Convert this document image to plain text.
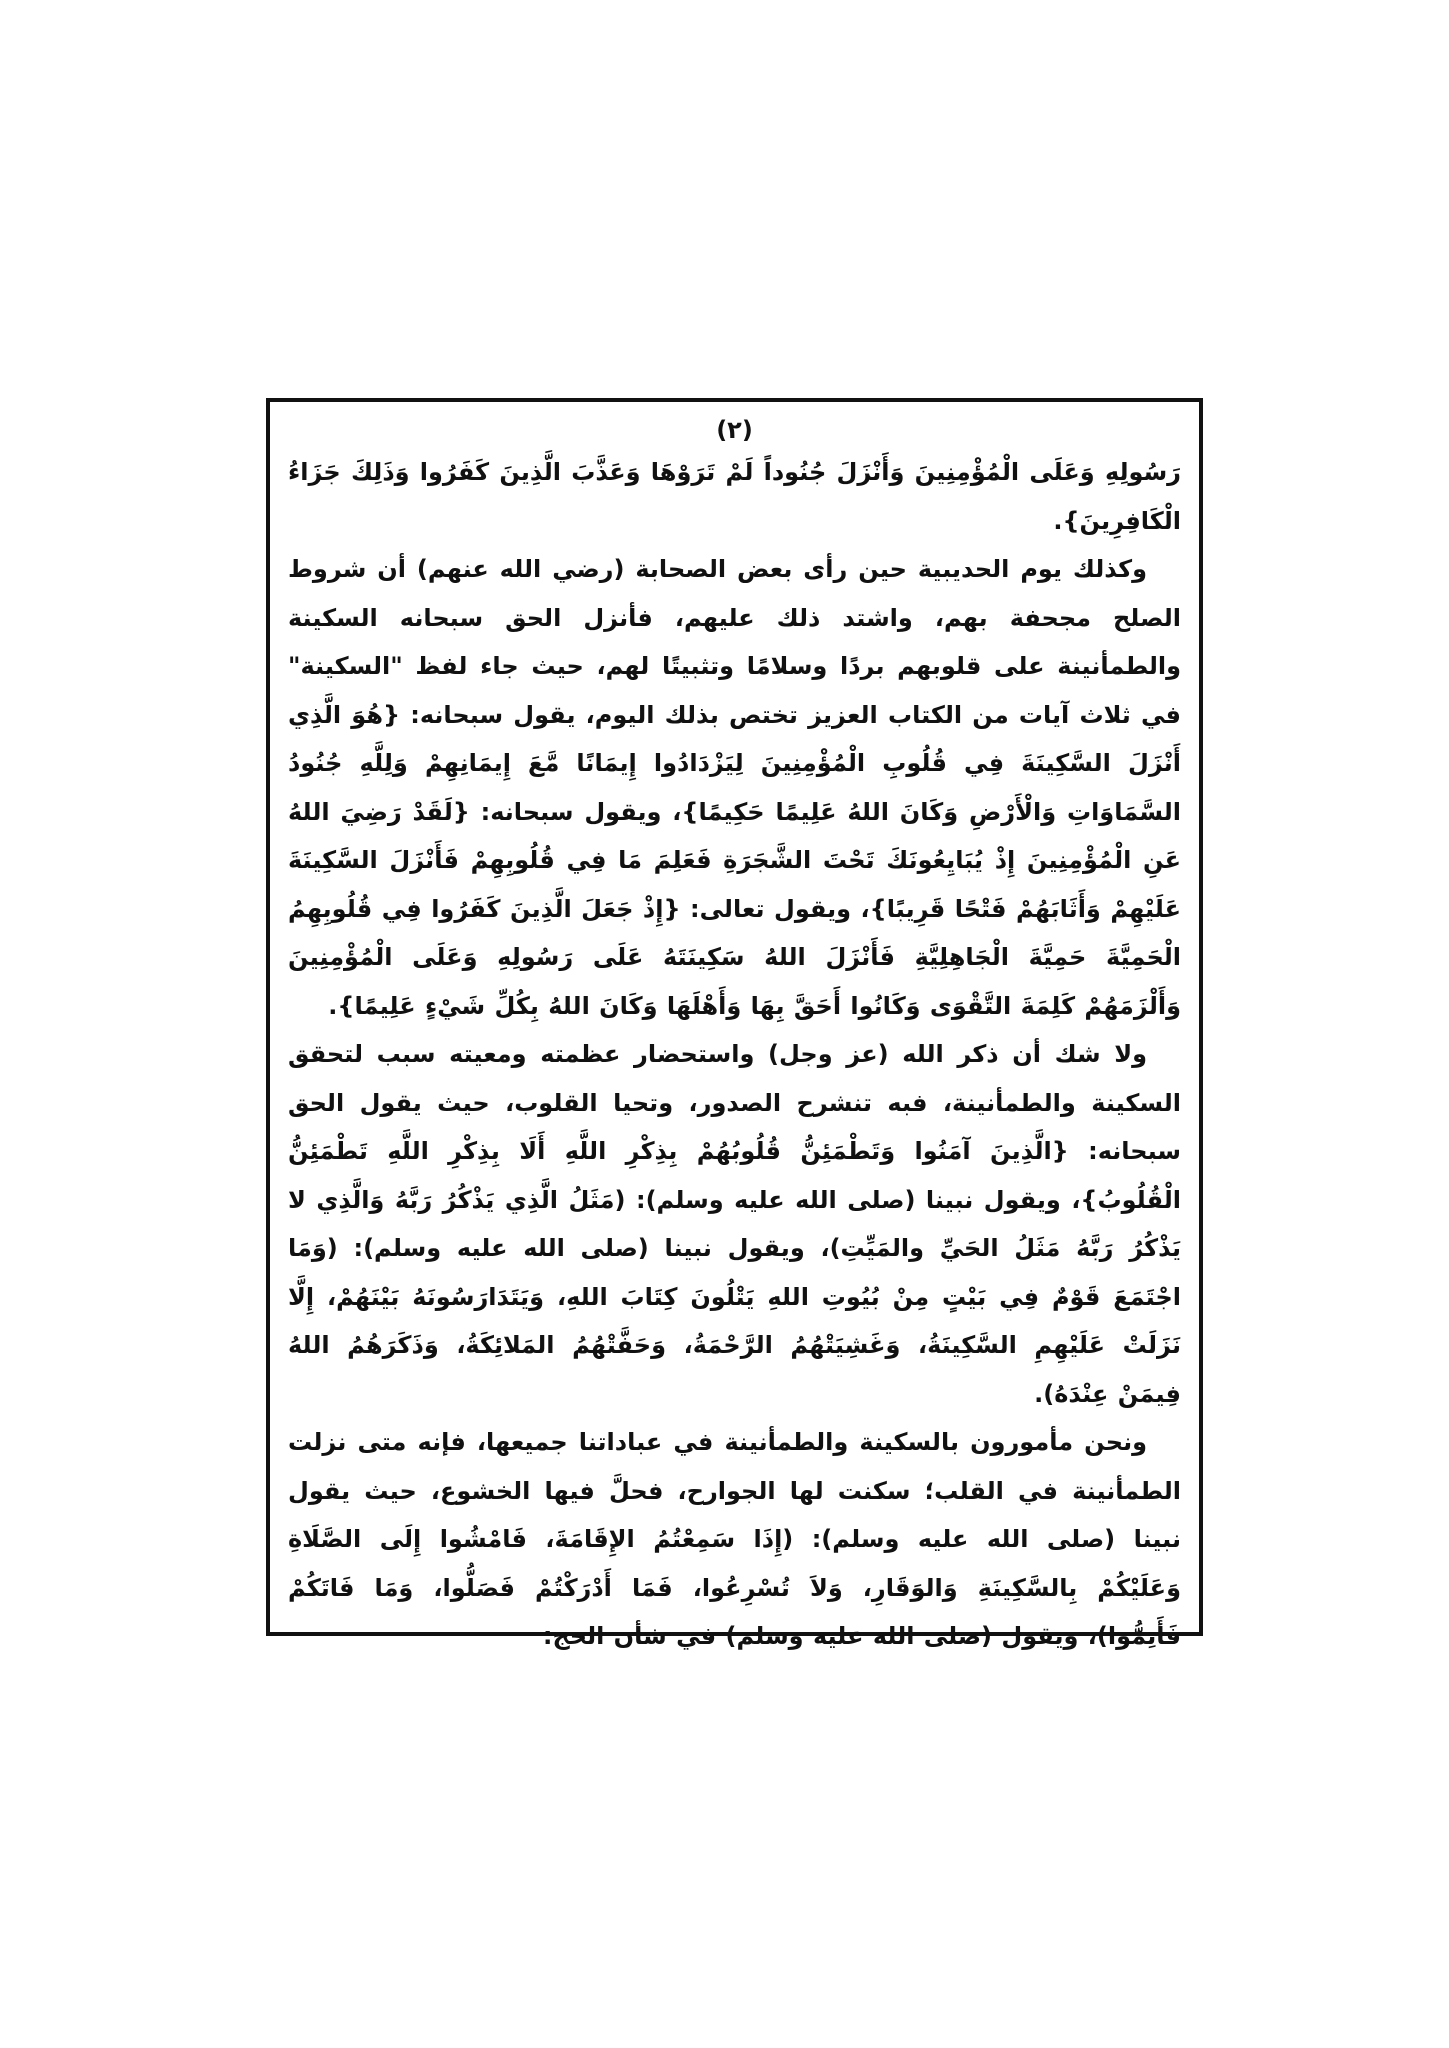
(٢)

رَسُولِهِ وَعَلَى الْمُؤْمِنِينَ وَأَنْزَلَ جُنُوداً لَمْ تَرَوْهَا وَعَذَّبَ الَّذِينَ كَفَرُوا وَذَلِكَ جَزَاءُ الْكَافِرِينَ}.

وكذلك يوم الحديبية حين رأى بعض الصحابة (رضي الله عنهم) أن شروط الصلح مجحفة بهم، واشتد ذلك عليهم، فأنزل الحق سبحانه السكينة والطمأنينة على قلوبهم بردًا وسلامًا وتثبيتًا لهم، حيث جاء لفظ "السكينة" في ثلاث آيات من الكتاب العزيز تختص بذلك اليوم، يقول سبحانه: {هُوَ الَّذِي أَنْزَلَ السَّكِينَةَ فِي قُلُوبِ الْمُؤْمِنِينَ لِيَزْدَادُوا إِيمَانًا مَّعَ إِيمَانِهِمْ وَلِلَّهِ جُنُودُ السَّمَاوَاتِ وَالْأَرْضِ وَكَانَ اللهُ عَلِيمًا حَكِيمًا}، ويقول سبحانه: {لَقَدْ رَضِيَ اللهُ عَنِ الْمُؤْمِنِينَ إِذْ يُبَايِعُونَكَ تَحْتَ الشَّجَرَةِ فَعَلِمَ مَا فِي قُلُوبِهِمْ فَأَنْزَلَ السَّكِينَةَ عَلَيْهِمْ وَأَثَابَهُمْ فَتْحًا قَرِيبًا}، ويقول تعالى: {إِذْ جَعَلَ الَّذِينَ كَفَرُوا فِي قُلُوبِهِمُ الْحَمِيَّةَ حَمِيَّةَ الْجَاهِلِيَّةِ فَأَنْزَلَ اللهُ سَكِينَتَهُ عَلَى رَسُولِهِ وَعَلَى الْمُؤْمِنِينَ وَأَلْزَمَهُمْ كَلِمَةَ التَّقْوَى وَكَانُوا أَحَقَّ بِهَا وَأَهْلَهَا وَكَانَ اللهُ بِكُلِّ شَيْءٍ عَلِيمًا}.

ولا شك أن ذكر الله (عز وجل) واستحضار عظمته ومعيته سبب لتحقق السكينة والطمأنينة، فبه تنشرح الصدور، وتحيا القلوب، حيث يقول الحق سبحانه: {الَّذِينَ آمَنُوا وَتَطْمَئِنُّ قُلُوبُهُمْ بِذِكْرِ اللَّهِ أَلَا بِذِكْرِ اللَّهِ تَطْمَئِنُّ الْقُلُوبُ}، ويقول نبينا (صلى الله عليه وسلم): (مَثَلُ الَّذِي يَذْكُرُ رَبَّهُ وَالَّذِي لا يَذْكُرُ رَبَّهُ مَثَلُ الحَيِّ والمَيِّتِ)، ويقول نبينا (صلى الله عليه وسلم): (وَمَا اجْتَمَعَ قَوْمٌ فِي بَيْتٍ مِنْ بُيُوتِ اللهِ يَتْلُونَ كِتَابَ اللهِ، وَيَتَدَارَسُونَهُ بَيْنَهُمْ، إِلَّا نَزَلَتْ عَلَيْهِمِ السَّكِينَةُ، وَغَشِيَتْهُمُ الرَّحْمَةُ، وَحَفَّتْهُمُ المَلائِكَةُ، وَذَكَرَهُمُ اللهُ فِيمَنْ عِنْدَهُ).

ونحن مأمورون بالسكينة والطمأنينة في عباداتنا جميعها، فإنه متى نزلت الطمأنينة في القلب؛ سكنت لها الجوارح، فحلَّ فيها الخشوع، حيث يقول نبينا (صلى الله عليه وسلم): (إِذَا سَمِعْتُمُ الإِقَامَةَ، فَامْشُوا إِلَى الصَّلَاةِ وَعَلَيْكُمْ بِالسَّكِينَةِ وَالوَقَارِ، وَلاَ تُسْرِعُوا، فَمَا أَدْرَكْتُمْ فَصَلُّوا، وَمَا فَاتَكُمْ فَأَتِمُّوا)، ويقول (صلى الله عليه وسلم) في شأن الحج:
